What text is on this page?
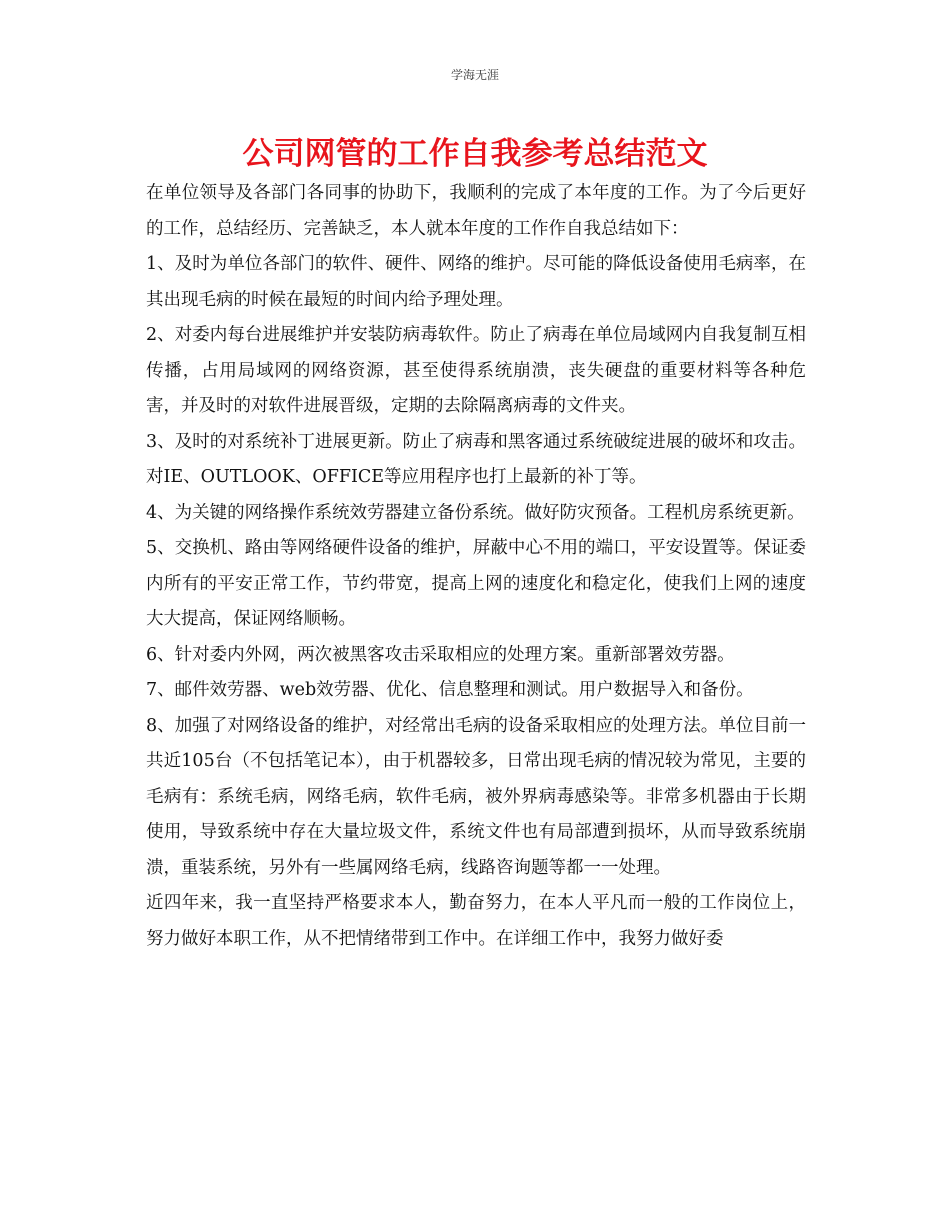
学海无涯
公司网管的工作自我参考总结范文

在单位领导及各部门各同事的协助下，我顺利的完成了本年度的工作。为了今后更好的工作，总结经历、完善缺乏，本人就本年度的工作作自我总结如下：

1、及时为单位各部门的软件、硬件、网络的维护。尽可能的降低设备使用毛病率，在其出现毛病的时候在最短的时间内给予理处理。

2、对委内每台进展维护并安装防病毒软件。防止了病毒在单位局域网内自我复制互相传播，占用局域网的网络资源，甚至使得系统崩溃，丧失硬盘的重要材料等各种危害，并及时的对软件进展晋级，定期的去除隔离病毒的文件夹。

3、及时的对系统补丁进展更新。防止了病毒和黑客通过系统破绽进展的破坏和攻击。对IE、OUTLOOK、OFFICE等应用程序也打上最新的补丁等。

4、为关键的网络操作系统效劳器建立备份系统。做好防灾预备。工程机房系统更新。

5、交换机、路由等网络硬件设备的维护，屏蔽中心不用的端口，平安设置等。保证委内所有的平安正常工作，节约带宽，提高上网的速度化和稳定化，使我们上网的速度大大提高，保证网络顺畅。

6、针对委内外网，两次被黑客攻击采取相应的处理方案。重新部署效劳器。

7、邮件效劳器、web效劳器、优化、信息整理和测试。用户数据导入和备份。

8、加强了对网络设备的维护，对经常出毛病的设备采取相应的处理方法。单位目前一共近105台（不包括笔记本），由于机器较多，日常出现毛病的情况较为常见，主要的毛病有：系统毛病，网络毛病，软件毛病，被外界病毒感染等。非常多机器由于长期使用，导致系统中存在大量垃圾文件，系统文件也有局部遭到损坏，从而导致系统崩溃，重装系统，另外有一些属网络毛病，线路咨询题等都一一处理。

近四年来，我一直坚持严格要求本人，勤奋努力，在本人平凡而一般的工作岗位上，努力做好本职工作，从不把情绪带到工作中。在详细工作中，我努力做好委
